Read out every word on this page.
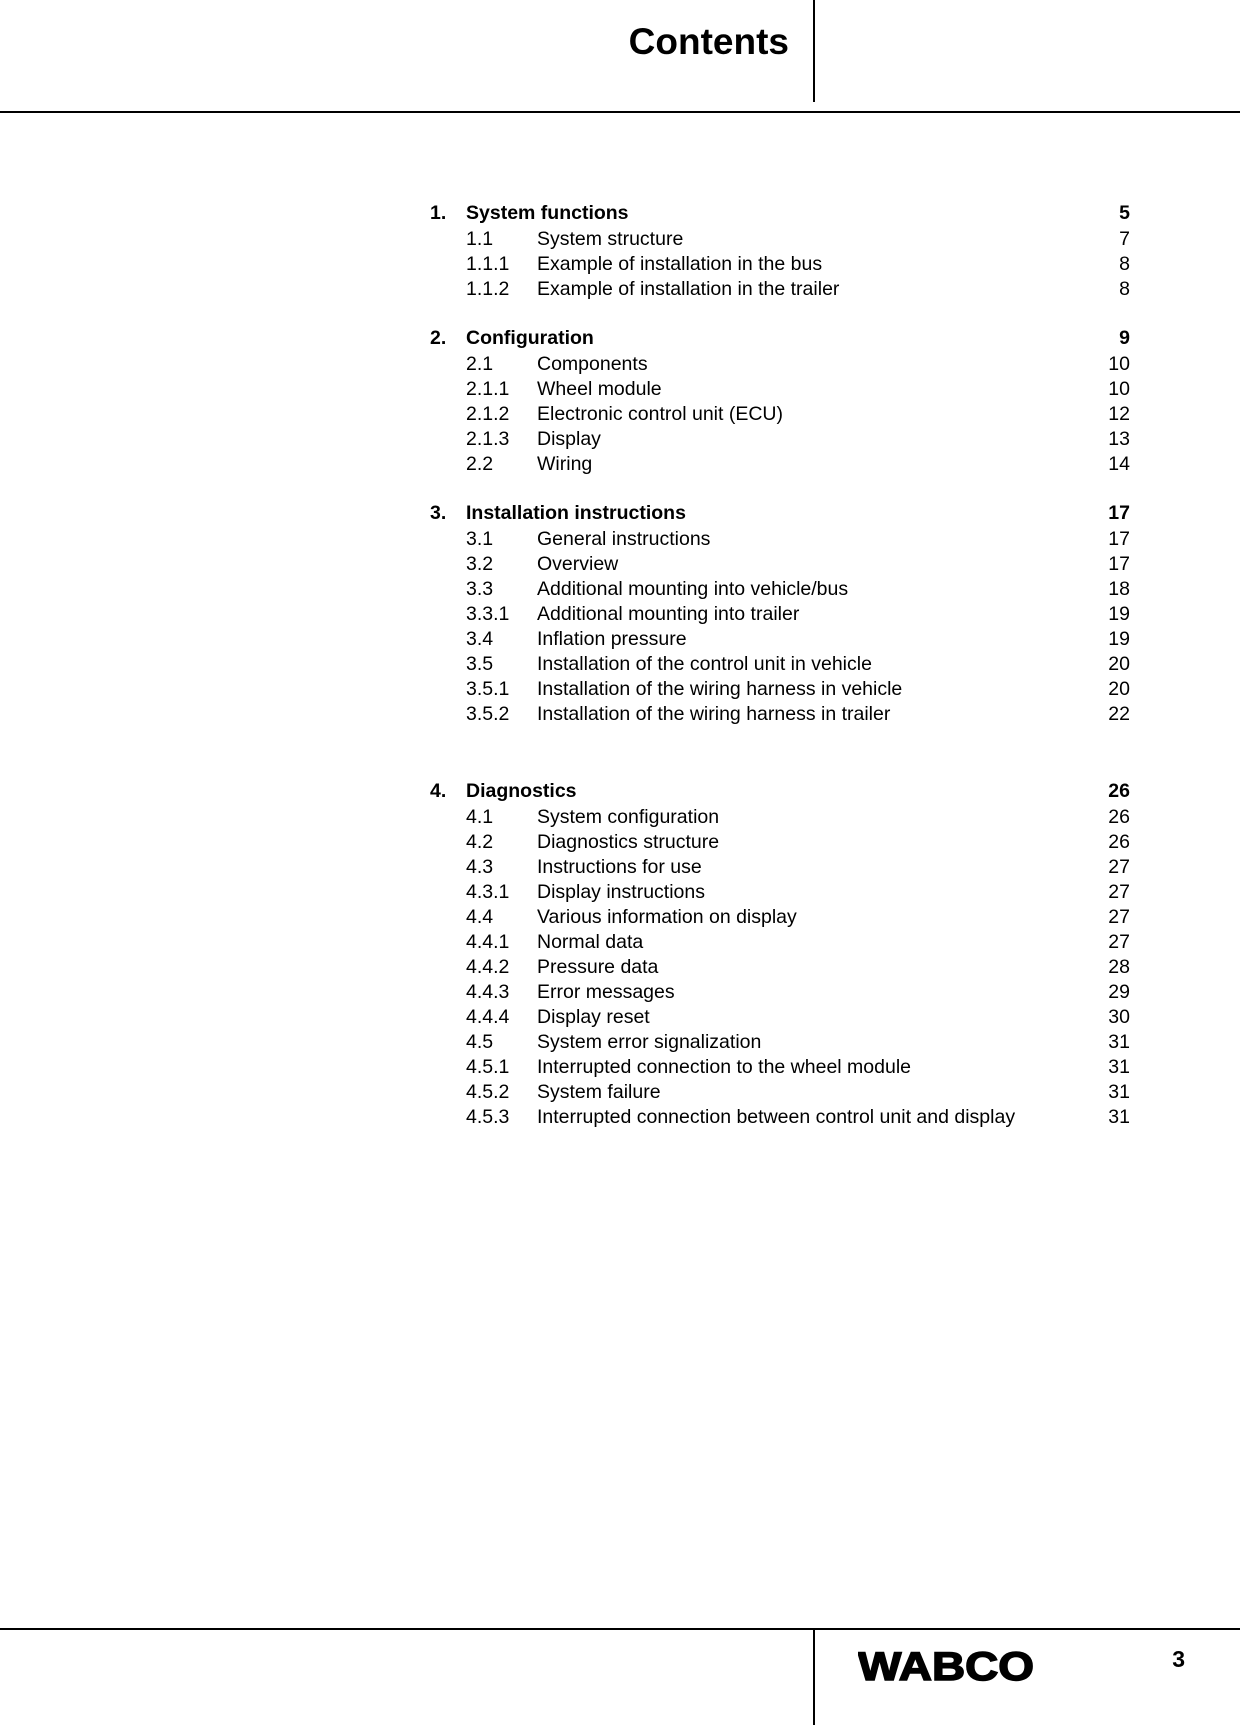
Contents
1. System functions	5
1.1 System structure	7
1.1.1 Example of installation in the bus	8
1.1.2 Example of installation in the trailer	8
2. Configuration	9
2.1 Components	10
2.1.1 Wheel module	10
2.1.2 Electronic control unit (ECU)	12
2.1.3 Display	13
2.2 Wiring	14
3. Installation instructions	17
3.1 General instructions	17
3.2 Overview	17
3.3 Additional mounting into vehicle/bus	18
3.3.1 Additional mounting into trailer	19
3.4 Inflation pressure	19
3.5 Installation of the control unit in vehicle	20
3.5.1 Installation of the wiring harness in vehicle	20
3.5.2 Installation of the wiring harness in trailer	22
4. Diagnostics	26
4.1 System configuration	26
4.2 Diagnostics structure	26
4.3 Instructions for use	27
4.3.1 Display instructions	27
4.4 Various information on display	27
4.4.1 Normal data	27
4.4.2 Pressure data	28
4.4.3 Error messages	29
4.4.4 Display reset	30
4.5 System error signalization	31
4.5.1 Interrupted connection to the wheel module	31
4.5.2 System failure	31
4.5.3 Interrupted connection between control unit and display	31
WABCO	3
